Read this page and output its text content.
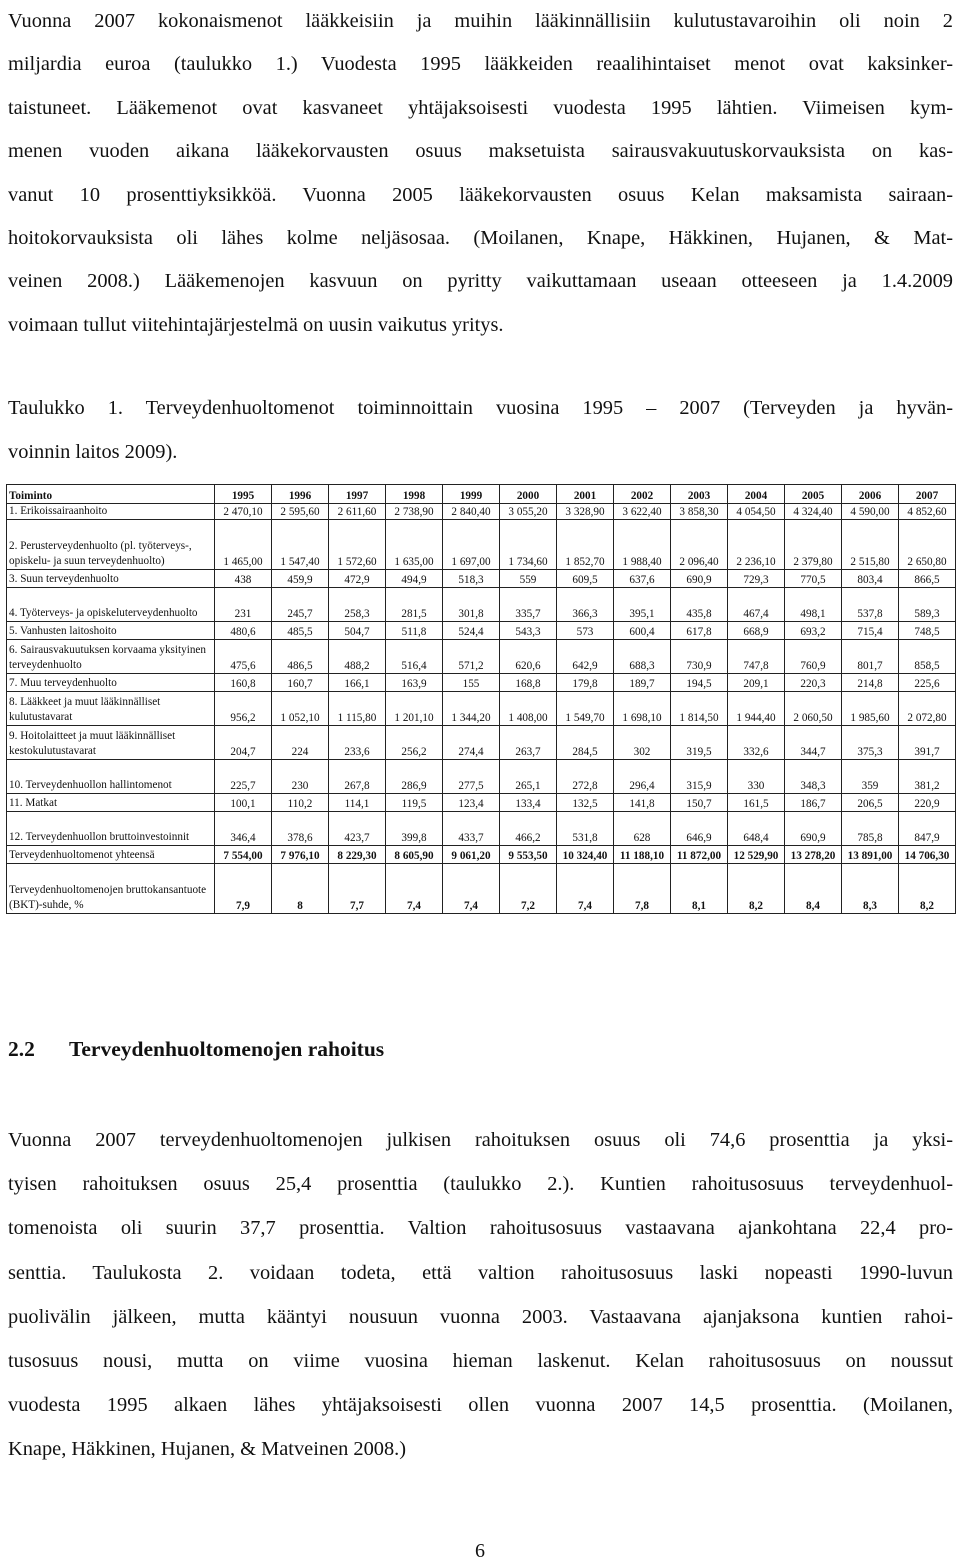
Vuonna 2007 kokonaismenot lääkkeisiin ja muihin lääkinnällisiin kulutustavaroihin oli noin 2
miljardia euroa (taulukko 1.) Vuodesta 1995 lääkkeiden reaalihintaiset menot ovat kaksinker-
taistuneet. Lääkemenot ovat kasvaneet yhtäjaksoisesti vuodesta 1995 lähtien. Viimeisen kym-
menen vuoden aikana lääkekorvausten osuus maksetuista sairausvakuutuskorvauksista on kas-
vanut 10 prosenttiyksikköä. Vuonna 2005 lääkekorvausten osuus Kelan maksamista sairaan-
hoitokorvauksista oli lähes kolme neljäsosaa. (Moilanen, Knape, Häkkinen, Hujanen, & Mat-
veinen 2008.) Lääkemenojen kasvuun on pyritty vaikuttamaan useaan otteeseen ja 1.4.2009
voimaan tullut viitehintajärjestelmä on uusin vaikutus yritys.
Taulukko 1. Terveydenhuoltomenot toiminnoittain vuosina 1995 – 2007 (Terveyden ja hyvän-
voinnin laitos 2009).
Toiminto	1995	1996	1997	1998	1999	2000	2001	2002	2003	2004	2005	2006	2007
1. Erikoissairaanhoito	2 470,10	2 595,60	2 611,60	2 738,90	2 840,40	3 055,20	3 328,90	3 622,40	3 858,30	4 054,50	4 324,40	4 590,00	4 852,60
2. Perusterveydenhuolto (pl. työterveys-, opiskelu- ja suun terveydenhuolto)	1 465,00	1 547,40	1 572,60	1 635,00	1 697,00	1 734,60	1 852,70	1 988,40	2 096,40	2 236,10	2 379,80	2 515,80	2 650,80
3. Suun terveydenhuolto	438	459,9	472,9	494,9	518,3	559	609,5	637,6	690,9	729,3	770,5	803,4	866,5
4. Työterveys- ja opiskeluterveydenhuolto	231	245,7	258,3	281,5	301,8	335,7	366,3	395,1	435,8	467,4	498,1	537,8	589,3
5. Vanhusten laitoshoito	480,6	485,5	504,7	511,8	524,4	543,3	573	600,4	617,8	668,9	693,2	715,4	748,5
6. Sairausvakuutuksen korvaama yksityinen terveydenhuolto	475,6	486,5	488,2	516,4	571,2	620,6	642,9	688,3	730,9	747,8	760,9	801,7	858,5
7. Muu terveydenhuolto	160,8	160,7	166,1	163,9	155	168,8	179,8	189,7	194,5	209,1	220,3	214,8	225,6
8. Lääkkeet ja muut lääkinnälliset kulutustavarat	956,2	1 052,10	1 115,80	1 201,10	1 344,20	1 408,00	1 549,70	1 698,10	1 814,50	1 944,40	2 060,50	1 985,60	2 072,80
9. Hoitolaitteet ja muut lääkinnälliset kestokulutustavarat	204,7	224	233,6	256,2	274,4	263,7	284,5	302	319,5	332,6	344,7	375,3	391,7
10. Terveydenhuollon hallintomenot	225,7	230	267,8	286,9	277,5	265,1	272,8	296,4	315,9	330	348,3	359	381,2
11. Matkat	100,1	110,2	114,1	119,5	123,4	133,4	132,5	141,8	150,7	161,5	186,7	206,5	220,9
12. Terveydenhuollon bruttoinvestoinnit	346,4	378,6	423,7	399,8	433,7	466,2	531,8	628	646,9	648,4	690,9	785,8	847,9
Terveydenhuoltomenot yhteensä	7 554,00	7 976,10	8 229,30	8 605,90	9 061,20	9 553,50	10 324,40	11 188,10	11 872,00	12 529,90	13 278,20	13 891,00	14 706,30
Terveydenhuoltomenojen bruttokansantuote (BKT)-suhde, %	7,9	8	7,7	7,4	7,4	7,2	7,4	7,8	8,1	8,2	8,4	8,3	8,2
2.2 Terveydenhuoltomenojen rahoitus
Vuonna 2007 terveydenhuoltomenojen julkisen rahoituksen osuus oli 74,6 prosenttia ja yksi-
tyisen rahoituksen osuus 25,4 prosenttia (taulukko 2.). Kuntien rahoitusosuus terveydenhuol-
tomenoista oli suurin 37,7 prosenttia. Valtion rahoitusosuus vastaavana ajankohtana 22,4 pro-
senttia. Taulukosta 2. voidaan todeta, että valtion rahoitusosuus laski nopeasti 1990-luvun
puolivälin jälkeen, mutta kääntyi nousuun vuonna 2003. Vastaavana ajanjaksona kuntien rahoi-
tusosuus nousi, mutta on viime vuosina hieman laskenut. Kelan rahoitusosuus on noussut
vuodesta 1995 alkaen lähes yhtäjaksoisesti ollen vuonna 2007 14,5 prosenttia. (Moilanen,
Knape, Häkkinen, Hujanen, & Matveinen 2008.)
6
